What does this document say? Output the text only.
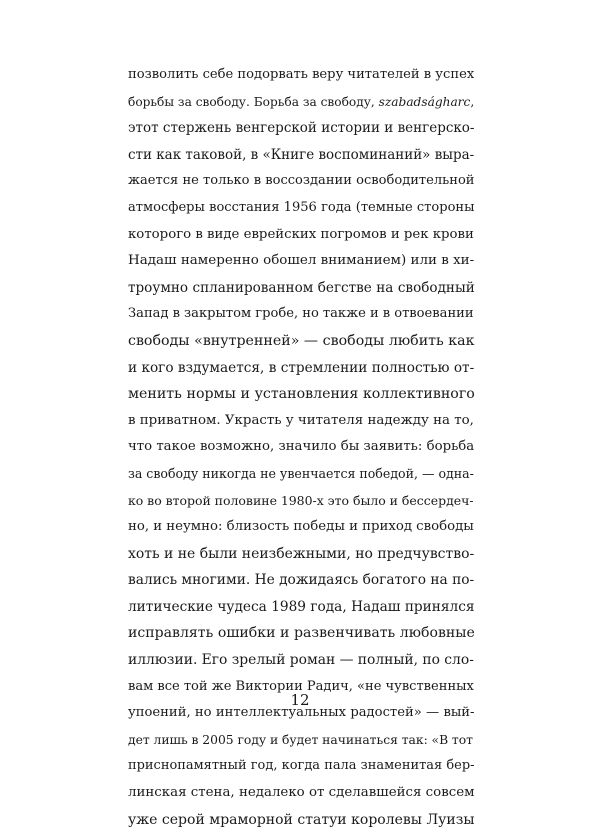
позволить себе подорвать веру читателей в успех
борьбы за свободу. Борьба за свободу, szabadságharc,
этот стержень венгерской истории и венгерско-
сти как таковой, в «Книге воспоминаний» выра-
жается не только в воссоздании освободительной
атмосферы восстания 1956 года (темные стороны
которого в виде еврейских погромов и рек крови
Надаш намеренно обошел вниманием) или в хи-
троумно спланированном бегстве на свободный
Запад в закрытом гробе, но также и в отвоевании
свободы «внутренней» — свободы любить как
и кого вздумается, в стремлении полностью от-
менить нормы и установления коллективного
в приватном. Украсть у читателя надежду на то,
что такое возможно, значило бы заявить: борьба
за свободу никогда не увенчается победой, — одна-
ко во второй половине 1980-х это было и бессердеч-
но, и неумно: близость победы и приход свободы
хоть и не были неизбежными, но предчувство-
вались многими. Не дожидаясь богатого на по-
литические чудеса 1989 года, Надаш принялся
исправлять ошибки и развенчивать любовные
иллюзии. Его зрелый роман — полный, по сло-
вам все той же Виктории Радич, «не чувственных
упоений, но интеллектуальных радостей» — вый-
дет лишь в 2005 году и будет начинаться так: «В тот
приснопамятный год, когда пала знаменитая бер-
линская стена, недалеко от сделавшейся совсем
уже серой мраморной статуи королевы Луизы
12
